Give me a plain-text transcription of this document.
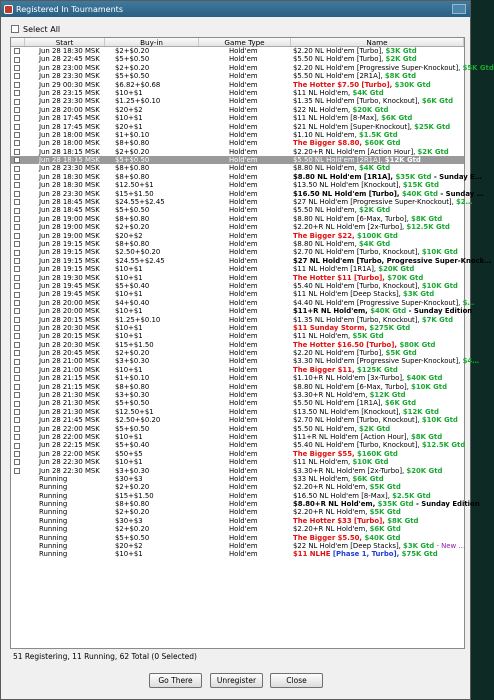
Registered In Tournaments
Select All
Start	Buy-in	Game Type	Name
Jun 28 18:30 MSK	$2+$0.20	Hold'em	$2.20 NL Hold'em [Turbo], $3K Gtd
Jun 28 22:45 MSK	$5+$0.50	Hold'em	$5.50 NL Hold'em [Turbo], $2K Gtd
Jun 28 23:00 MSK	$2+$0.20	Hold'em	$2.20 NL Hold'em [Progressive Super-Knockout], $5K Gtd
Jun 28 23:30 MSK	$5+$0.50	Hold'em	$5.50 NL Hold'em [2R1A], $8K Gtd
Jun 29 00:30 MSK	$6.82+$0.68	Hold'em	The Hotter $7.50 [Turbo], $30K Gtd
Jun 28 23:15 MSK	$10+$1	Hold'em	$11 NL Hold'em, $4K Gtd
Jun 28 23:30 MSK	$1.25+$0.10	Hold'em	$1.35 NL Hold'em [Turbo, Knockout], $6K Gtd
Jun 28 20:00 MSK	$20+$2	Hold'em	$22 NL Hold'em, $20K Gtd
Jun 28 17:45 MSK	$10+$1	Hold'em	$11 NL Hold'em [8-Max], $6K Gtd
Jun 28 17:45 MSK	$20+$1	Hold'em	$21 NL Hold'em [Super-Knockout], $25K Gtd
Jun 28 18:00 MSK	$1+$0.10	Hold'em	$1.10 NL Hold'em, $1.5K Gtd
Jun 28 18:00 MSK	$8+$0.80	Hold'em	The Bigger $8.80, $60K Gtd
Jun 28 18:15 MSK	$2+$0.20	Hold'em	$2.20+R NL Hold'em [Action Hour], $2K Gtd
Jun 28 18:15 MSK	$5+$0.50	Hold'em	$5.50 NL Hold'em [2R1A], $12K Gtd
Jun 28 23:30 MSK	$8+$0.80	Hold'em	$8.80 NL Hold'em, $4K Gtd
Jun 28 18:30 MSK	$8+$0.80	Hold'em	$8.80 NL Hold'em [1R1A], $35K Gtd - Sunday E…
Jun 28 18:30 MSK	$12.50+$1	Hold'em	$13.50 NL Hold'em [Knockout], $15K Gtd
Jun 28 23:30 MSK	$15+$1.50	Hold'em	$16.50 NL Hold'em [Turbo], $40K Gtd - Sunday …
Jun 28 18:45 MSK	$24.55+$2.45	Hold'em	$27 NL Hold'em [Progressive Super-Knockout], $2…
Jun 28 18:45 MSK	$5+$0.50	Hold'em	$5.50 NL Hold'em, $2K Gtd
Jun 28 19:00 MSK	$8+$0.80	Hold'em	$8.80 NL Hold'em [6-Max, Turbo], $8K Gtd
Jun 28 19:00 MSK	$2+$0.20	Hold'em	$2.20+R NL Hold'em [2x-Turbo], $12.5K Gtd
Jun 28 19:00 MSK	$20+$2	Hold'em	The Bigger $22, $100K Gtd
Jun 28 19:15 MSK	$8+$0.80	Hold'em	$8.80 NL Hold'em, $4K Gtd
Jun 28 19:15 MSK	$2.50+$0.20	Hold'em	$2.70 NL Hold'em [Turbo, Knockout], $10K Gtd
Jun 28 19:15 MSK	$24.55+$2.45	Hold'em	$27 NL Hold'em [Turbo, Progressive Super-Knock…
Jun 28 19:15 MSK	$10+$1	Hold'em	$11 NL Hold'em [1R1A], $20K Gtd
Jun 28 19:30 MSK	$10+$1	Hold'em	The Hotter $11 [Turbo], $70K Gtd
Jun 28 19:45 MSK	$5+$0.40	Hold'em	$5.40 NL Hold'em [Turbo, Knockout], $10K Gtd
Jun 28 19:45 MSK	$10+$1	Hold'em	$11 NL Hold'em [Deep Stacks], $3K Gtd
Jun 28 20:00 MSK	$4+$0.40	Hold'em	$4.40 NL Hold'em [Progressive Super-Knockout], $…
Jun 28 20:00 MSK	$10+$1	Hold'em	$11+R NL Hold'em, $40K Gtd - Sunday Edition
Jun 28 20:15 MSK	$1.25+$0.10	Hold'em	$1.35 NL Hold'em [Turbo, Knockout], $7K Gtd
Jun 28 20:30 MSK	$10+$1	Hold'em	$11 Sunday Storm, $275K Gtd
Jun 28 20:15 MSK	$10+$1	Hold'em	$11 NL Hold'em, $5K Gtd
Jun 28 20:30 MSK	$15+$1.50	Hold'em	The Hotter $16.50 [Turbo], $80K Gtd
Jun 28 20:45 MSK	$2+$0.20	Hold'em	$2.20 NL Hold'em [Turbo], $5K Gtd
Jun 28 21:00 MSK	$3+$0.30	Hold'em	$3.30 NL Hold'em [Progressive Super-Knockout], $4…
Jun 28 21:00 MSK	$10+$1	Hold'em	The Bigger $11, $125K Gtd
Jun 28 21:15 MSK	$1+$0.10	Hold'em	$1.10+R NL Hold'em [3x-Turbo], $40K Gtd
Jun 28 21:15 MSK	$8+$0.80	Hold'em	$8.80 NL Hold'em [6-Max, Turbo], $10K Gtd
Jun 28 21:30 MSK	$3+$0.30	Hold'em	$3.30+R NL Hold'em, $12K Gtd
Jun 28 21:30 MSK	$5+$0.50	Hold'em	$5.50 NL Hold'em [1R1A], $6K Gtd
Jun 28 21:30 MSK	$12.50+$1	Hold'em	$13.50 NL Hold'em [Knockout], $12K Gtd
Jun 28 21:45 MSK	$2.50+$0.20	Hold'em	$2.70 NL Hold'em [Turbo, Knockout], $10K Gtd
Jun 28 22:00 MSK	$5+$0.50	Hold'em	$5.50 NL Hold'em, $2K Gtd
Jun 28 22:00 MSK	$10+$1	Hold'em	$11+R NL Hold'em [Action Hour], $8K Gtd
Jun 28 22:15 MSK	$5+$0.40	Hold'em	$5.40 NL Hold'em [Turbo, Knockout], $12.5K Gtd
Jun 28 22:00 MSK	$50+$5	Hold'em	The Bigger $55, $160K Gtd
Jun 28 22:30 MSK	$10+$1	Hold'em	$11 NL Hold'em, $10K Gtd
Jun 28 22:30 MSK	$3+$0.30	Hold'em	$3.30+R NL Hold'em [2x-Turbo], $20K Gtd
Running	$30+$3	Hold'em	$33 NL Hold'em, $6K Gtd
Running	$2+$0.20	Hold'em	$2.20+R NL Hold'em, $5K Gtd
Running	$15+$1.50	Hold'em	$16.50 NL Hold'em [8-Max], $2.5K Gtd
Running	$8+$0.80	Hold'em	$8.80+R NL Hold'em, $35K Gtd - Sunday Edition
Running	$2+$0.20	Hold'em	$2.20+R NL Hold'em, $5K Gtd
Running	$30+$3	Hold'em	The Hotter $33 [Turbo], $8K Gtd
Running	$2+$0.20	Hold'em	$2.20+R NL Hold'em, $6K Gtd
Running	$5+$0.50	Hold'em	The Bigger $5.50, $40K Gtd
Running	$20+$2	Hold'em	$22 NL Hold'em [Deep Stacks], $3K Gtd - New …
Running	$10+$1	Hold'em	$11 NLHE [Phase 1, Turbo], $75K Gtd
51 Registering, 11 Running, 62 Total (0 Selected)
Go There	Unregister	Close
